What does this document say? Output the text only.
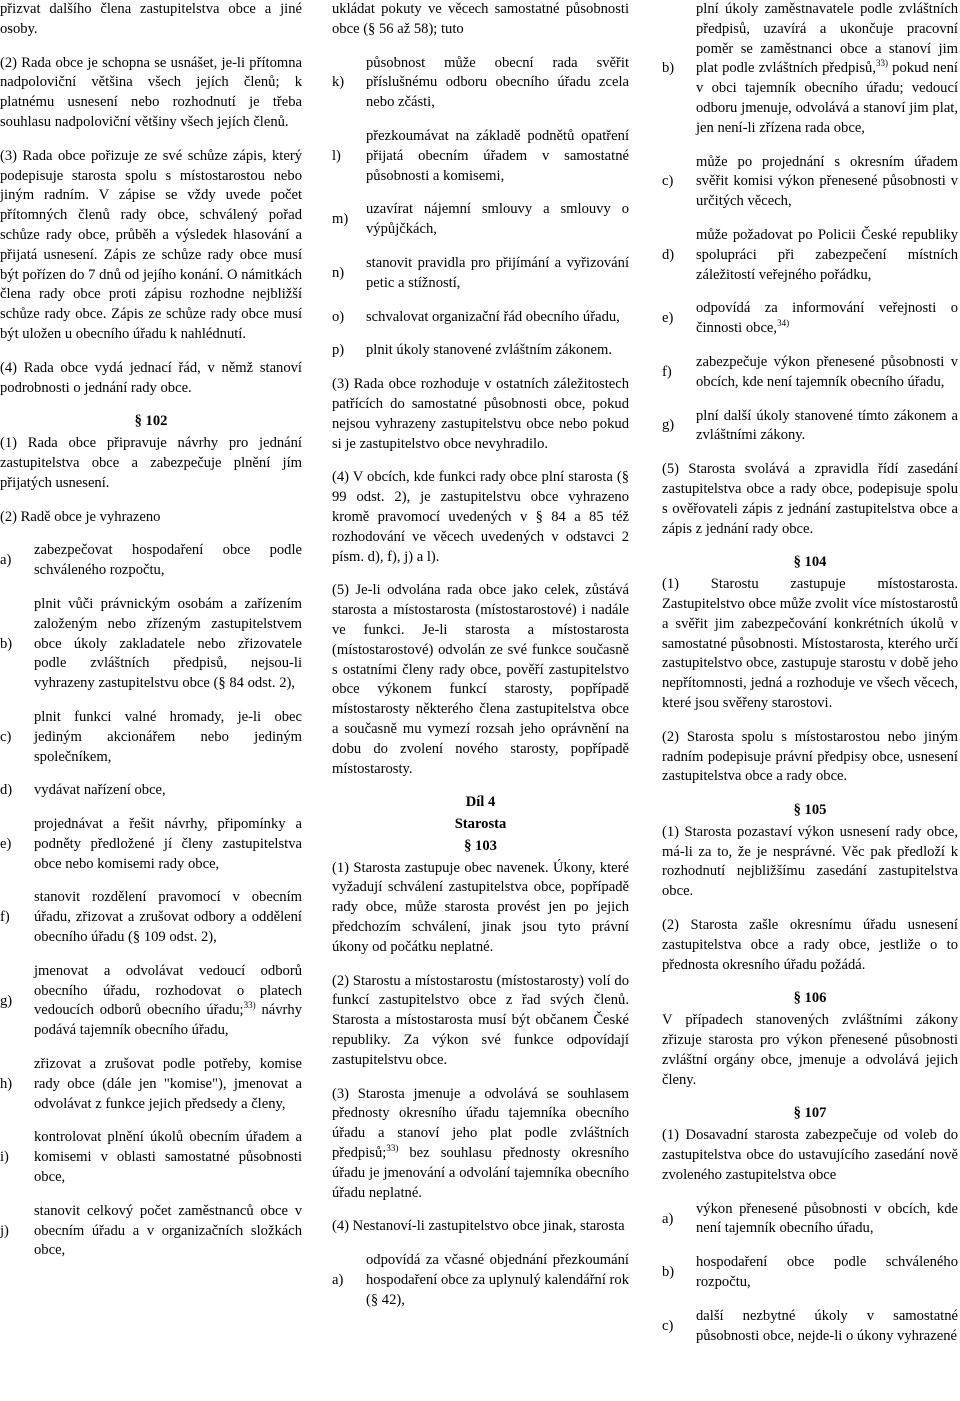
přizvat dalšího člena zastupitelstva obce a jiné osoby.
(2) Rada obce je schopna se usnášet, je-li přítomna nadpoloviční většina všech jejích členů; k platnému usnesení nebo rozhodnutí je třeba souhlasu nadpoloviční většiny všech jejích členů.
(3) Rada obce pořizuje ze své schůze zápis, který podepisuje starosta spolu s místostarostou nebo jiným radním. V zápise se vždy uvede počet přítomných členů rady obce, schválený pořad schůze rady obce, průběh a výsledek hlasování a přijatá usnesení. Zápis ze schůze rady obce musí být pořízen do 7 dnů od jejího konání. O námitkách člena rady obce proti zápisu rozhodne nejbližší schůze rady obce. Zápis ze schůze rady obce musí být uložen u obecního úřadu k nahlédnutí.
(4) Rada obce vydá jednací řád, v němž stanoví podrobnosti o jednání rady obce.
§ 102
(1) Rada obce připravuje návrhy pro jednání zastupitelstva obce a zabezpečuje plnění jím přijatých usnesení.
(2) Radě obce je vyhrazeno
a)
zabezpečovat hospodaření obce podle schváleného rozpočtu,
b)
plnit vůči právnickým osobám a zařízením založeným nebo zřízeným zastupitelstvem obce úkoly zakladatele nebo zřizovatele podle zvláštních předpisů, nejsou-li vyhrazeny zastupitelstvu obce (§ 84 odst. 2),
c)
plnit funkci valné hromady, je-li obec jediným akcionářem nebo jediným společníkem,
d)	vydávat nařízení obce,
e)
projednávat a řešit návrhy, připomínky a podněty předložené jí členy zastupitelstva obce nebo komisemi rady obce,
f)
stanovit rozdělení pravomocí v obecním úřadu, zřizovat a zrušovat odbory a oddělení obecního úřadu (§ 109 odst. 2),
g)
jmenovat a odvolávat vedoucí odborů obecního úřadu, rozhodovat o platech vedoucích odborů obecního úřadu;$^{33)}$ návrhy podává tajemník obecního úřadu,
h)
zřizovat a zrušovat podle potřeby, komise rady obce (dále jen "komise"), jmenovat a odvolávat z funkce jejich předsedy a členy,
i)
kontrolovat plnění úkolů obecním úřadem a komisemi v oblasti samostatné působnosti obce,
j)
stanovit celkový počet zaměstnanců obce v obecním úřadu a v organizačních složkách obce,
ukládat pokuty ve věcech samostatné působnosti obce (§ 56 až 58); tuto
k)
působnost může obecní rada svěřit příslušnému odboru obecního úřadu zcela nebo zčásti,
l)
přezkoumávat na základě podnětů opatření přijatá obecním úřadem v samostatné působnosti a komisemi,
m)
uzavírat nájemní smlouvy a smlouvy o výpůjčkách,
n)
stanovit pravidla pro přijímání a vyřizování petic a stížností,
o)	schvalovat organizační řád obecního úřadu,
p)	plnit úkoly stanovené zvláštním zákonem.
(3) Rada obce rozhoduje v ostatních záležitostech patřících do samostatné působnosti obce, pokud nejsou vyhrazeny zastupitelstvu obce nebo pokud si je zastupitelstvo obce nevyhradilo.
(4) V obcích, kde funkci rady obce plní starosta (§ 99 odst. 2), je zastupitelstvu obce vyhrazeno kromě pravomocí uvedených v § 84 a 85 též rozhodování ve věcech uvedených v odstavci 2 písm. d), f), j) a l).
(5) Je-li odvolána rada obce jako celek, zůstává starosta a místostarosta (místostarostové) i nadále ve funkci. Je-li starosta a místostarosta (místostarostové) odvolán ze své funkce současně s ostatními členy rady obce, pověří zastupitelstvo obce výkonem funkcí starosty, popřípadě místostarosty některého člena zastupitelstva obce a současně mu vymezí rozsah jeho oprávnění na dobu do zvolení nového starosty, popřípadě místostarosty.
Díl 4
Starosta
§ 103
(1) Starosta zastupuje obec navenek. Úkony, které vyžadují schválení zastupitelstva obce, popřípadě rady obce, může starosta provést jen po jejich předchozím schválení, jinak jsou tyto právní úkony od počátku neplatné.
(2) Starostu a místostarostu (místostarosty) volí do funkcí zastupitelstvo obce z řad svých členů. Starosta a místostarosta musí být občanem České republiky. Za výkon své funkce odpovídají zastupitelstvu obce.
(3) Starosta jmenuje a odvolává se souhlasem přednosty okresního úřadu tajemníka obecního úřadu a stanoví jeho plat podle zvláštních předpisů;$^{33)}$ bez souhlasu přednosty okresního úřadu je jmenování a odvolání tajemníka obecního úřadu neplatné.
(4) Nestanoví-li zastupitelstvo obce jinak, starosta
a)
odpovídá za včasné objednání přezkoumání hospodaření obce za uplynulý kalendářní rok (§ 42),
b)
plní úkoly zaměstnavatele podle zvláštních předpisů, uzavírá a ukončuje pracovní poměr se zaměstnanci obce a stanoví jim plat podle zvláštních předpisů,$^{33)}$ pokud není v obci tajemník obecního úřadu; vedoucí odboru jmenuje, odvolává a stanoví jim plat, jen není-li zřízena rada obce,
c)
může po projednání s okresním úřadem svěřit komisi výkon přenesené působnosti v určitých věcech,
d)
může požadovat po Policii České republiky spolupráci při zabezpečení místních záležitostí veřejného pořádku,
e)
odpovídá za informování veřejnosti o činnosti obce,$^{34)}$
f)
zabezpečuje výkon přenesené působnosti v obcích, kde není tajemník obecního úřadu,
g)
plní další úkoly stanovené tímto zákonem a zvláštními zákony.
(5) Starosta svolává a zpravidla řídí zasedání zastupitelstva obce a rady obce, podepisuje spolu s ověřovateli zápis z jednání zastupitelstva obce a zápis z jednání rady obce.
§ 104
(1) Starostu zastupuje místostarosta. Zastupitelstvo obce může zvolit více místostarostů a svěřit jim zabezpečování konkrétních úkolů v samostatné působnosti. Místostarosta, kterého určí zastupitelstvo obce, zastupuje starostu v době jeho nepřítomnosti, jedná a rozhoduje ve všech věcech, které jsou svěřeny starostovi.
(2) Starosta spolu s místostarostou nebo jiným radním podepisuje právní předpisy obce, usnesení zastupitelstva obce a rady obce.
§ 105
(1) Starosta pozastaví výkon usnesení rady obce, má-li za to, že je nesprávné. Věc pak předloží k rozhodnutí nejbližšímu zasedání zastupitelstva obce.
(2) Starosta zašle okresnímu úřadu usnesení zastupitelstva obce a rady obce, jestliže o to přednosta okresního úřadu požádá.
§ 106
V případech stanovených zvláštními zákony zřizuje starosta pro výkon přenesené působnosti zvláštní orgány obce, jmenuje a odvolává jejich členy.
§ 107
(1) Dosavadní starosta zabezpečuje od voleb do zastupitelstva obce do ustavujícího zasedání nově zvoleného zastupitelstva obce
a)
výkon přenesené působnosti v obcích, kde není tajemník obecního úřadu,
b)
hospodaření obce podle schváleného rozpočtu,
c)
další nezbytné úkoly v samostatné působnosti obce, nejde-li o úkony vyhrazené
